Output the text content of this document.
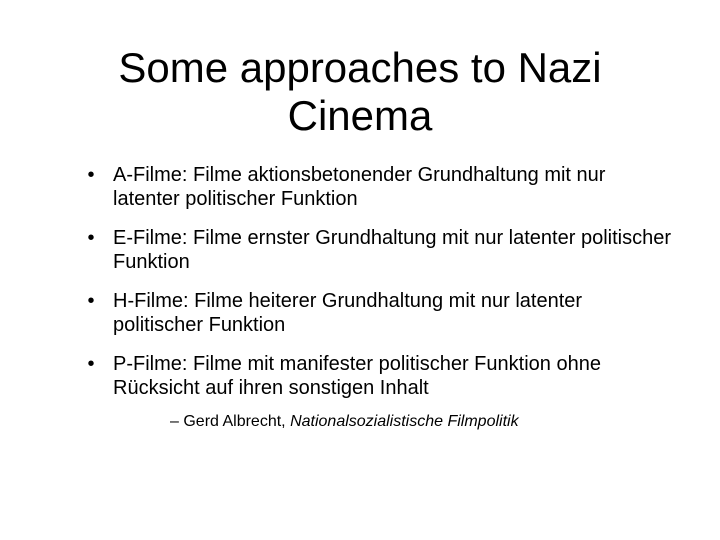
Some approaches to Nazi
Cinema
• A-Filme: Filme aktionsbetonender Grundhaltung mit nur latenter politischer Funktion
• E-Filme: Filme ernster Grundhaltung mit nur latenter politischer Funktion
• H-Filme: Filme heiterer Grundhaltung mit nur latenter politischer Funktion
• P-Filme: Filme mit manifester politischer Funktion ohne Rücksicht auf ihren sonstigen Inhalt
– Gerd Albrecht, Nationalsozialistische Filmpolitik
